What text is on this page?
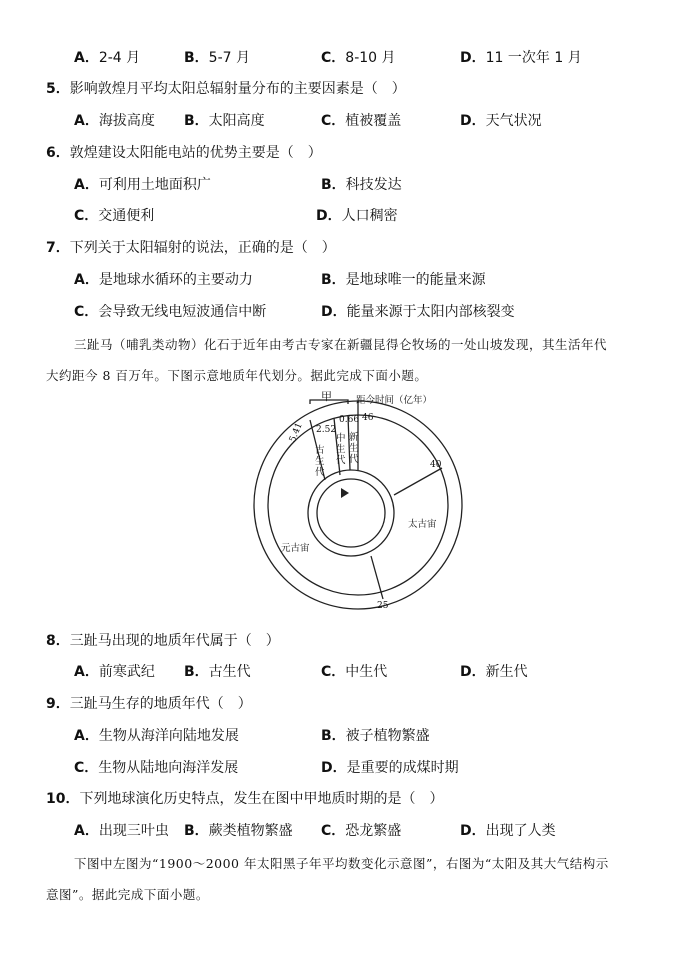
A．2-4 月	B．5-7 月	C．8-10 月	D．11 一次年 1 月
5．影响敦煌月平均太阳总辐射量分布的主要因素是（　）
A．海拔高度 B．太阳高度	C．植被覆盖	D．天气状况
6．敦煌建设太阳能电站的优势主要是（　）
A．可利用土地面积广	B．科技发达
C．交通便利	D．人口稠密
7．下列关于太阳辐射的说法，正确的是（　）
A．是地球水循环的主要动力	B．是地球唯一的能量来源
C．会导致无线电短波通信中断	D．能量来源于太阳内部核裂变
三趾马（哺乳类动物）化石于近年由考古专家在新疆昆得仑牧场的一处山坡发现，其生活年代
大约距今 8 百万年。下图示意地质年代划分。据此完成下面小题。
甲	距今时间（亿年）
5.41 2.52
0.66 46
40
25
古生代
中生代
新生代
太古宙
元古宙
8．三趾马出现的地质年代属于（　）
A．前寒武纪 B．古生代	C．中生代	D．新生代
9．三趾马生存的地质年代（　）
A．生物从海洋向陆地发展	B．被子植物繁盛
C．生物从陆地向海洋发展	D．是重要的成煤时期
10．下列地球演化历史特点，发生在图中甲地质时期的是（　）
A．出现三叶虫 B．蕨类植物繁盛 C．恐龙繁盛	D．出现了人类
下图中左图为“1900～2000 年太阳黑子年平均数变化示意图”，右图为“太阳及其大气结构示
意图”。据此完成下面小题。
